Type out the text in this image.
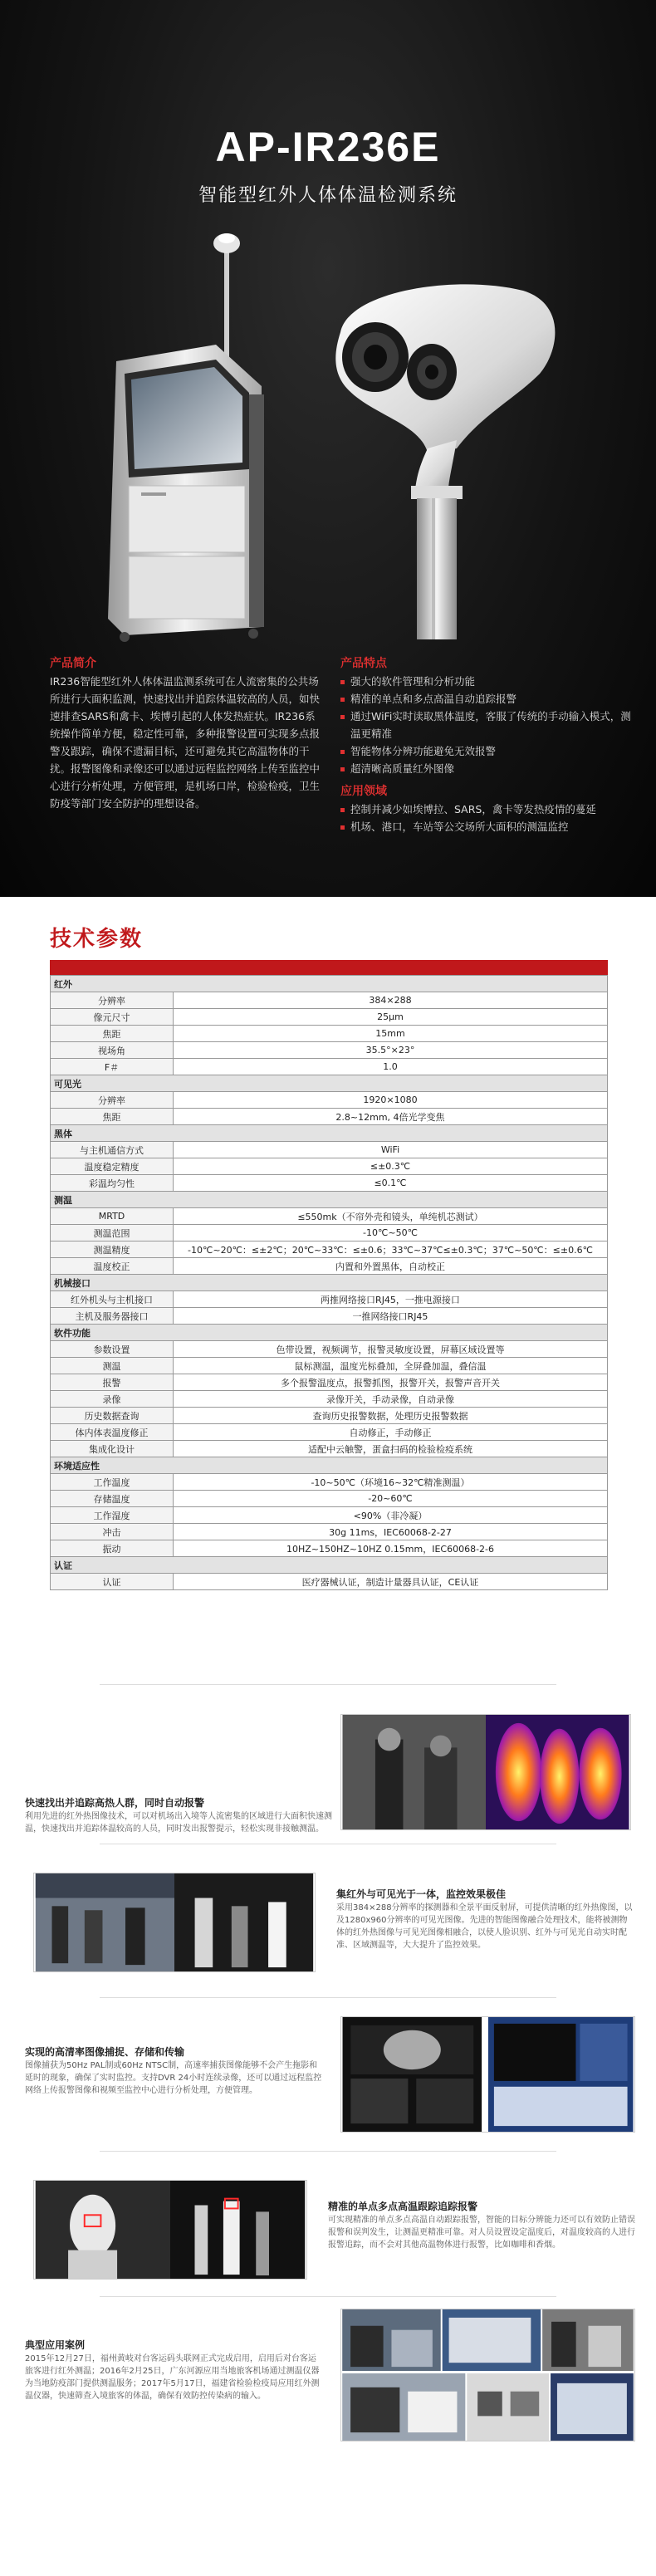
AP-IR236E
智能型红外人体体温检测系统
产品简介

IR236智能型红外人体体温监测系统可在人流密集的公共场所进行大面积监测，快速找出并追踪体温较高的人员，如快速排查SARS和禽卡、埃博引起的人体发热症状。IR236系统操作简单方便，稳定性可靠，多种报警设置可实现多点报警及跟踪，确保不遗漏目标，还可避免其它高温物体的干扰。报警图像和录像还可以通过远程监控网络上传至监控中心进行分析处理，方便管理，是机场口岸，检验检疫，卫生防疫等部门安全防护的理想设备。

产品特点
强大的软件管理和分析功能
精准的单点和多点高温自动追踪报警
通过WiFi实时读取黑体温度，客服了传统的手动输入模式，测温更精准
智能物体分辨功能避免无效报警
超清晰高质量红外图像
应用领域
控制并减少如埃博拉、SARS，禽卡等发热疫情的蔓延
机场、港口，车站等公交场所大面积的测温监控
技术参数
红外	
分辨率	384×288
像元尺寸	25μm
焦距	15mm
视场角	35.5°×23°
F＃	1.0
可见光	
分辨率	1920×1080
焦距	2.8~12mm, 4倍光学变焦
黑体	
与主机通信方式	WiFi
温度稳定精度	≤±0.3℃
彩温均匀性	≤0.1℃
测温	
MRTD	≤550mk（不帘外壳和镜头，单纯机芯测试）
测温范围	-10℃~50℃
测温精度	-10℃~20℃：≤±2℃；20℃~33℃：≤±0.6；33℃~37℃≤±0.3℃；37℃~50℃：≤±0.6℃
温度校正	内置和外置黑体，自动校正
机械接口	
红外机头与主机接口	两推网络接口RJ45，一推电源接口
主机及服务器接口	一推网络接口RJ45
软件功能	
参数设置	色带设置，视频调节，报警灵敏度设置，屏幕区域设置等
测温	鼠标测温，温度光标叠加，全屏叠加温，叠信温
报警	多个报警温度点，报警抓图，报警开关，报警声音开关
录像	录像开关，手动录像，自动录像
历史数据查询	查询历史报警数据，处理历史报警数据
体内体表温度修正	自动修正，手动修正
集成化设计	适配中云触警，蛋盒扫码的检验检疫系统
环境适应性	
工作温度	-10~50℃（环境16~32℃精准测温）
存储温度	-20~60℃
工作湿度	<90%（非冷凝）
冲击	30g 11ms，IEC60068-2-27
振动	10HZ~150HZ~10HZ 0.15mm，IEC60068-2-6
认证	
认证	医疗器械认证，制造计量器具认证，CE认证
快速找出并追踪高热人群，同时自动报警

利用先进的红外热图像技术，可以对机场出入境等人流密集的区域进行大面积快速测温，快速找出并追踪体温较高的人员，同时发出报警提示，轻松实现非接触测温。

集红外与可见光于一体，监控效果极佳

采用384×288分辨率的探测器和全景平面反射屏，可提供清晰的红外热像图，以及1280x960分辨率的可见光图像。先进的智能图像融合处理技术，能将被测物体的红外热图像与可见光图像相融合，以使人脸识别、红外与可见光自动实时配准、区域测温等，大大提升了监控效果。

实现的高清率图像捕捉、存储和传输

图像捕获为50Hz PAL制或60Hz NTSC制，高速率捕获图像能够不会产生拖影和延时的现象，确保了实时监控。支持DVR 24小时连续录像，还可以通过远程监控网络上传报警图像和视频至监控中心进行分析处理，方便管理。

精准的单点多点高温跟踪追踪报警

可实现精准的单点多点高温自动跟踪报警，智能的目标分辨能力还可以有效防止错误报警和误判发生，让测温更精准可靠。对人员设置设定温度后，对温度较高的人进行报警追踪，而不会对其他高温物体进行报警，比如咖啡和香烟。

典型应用案例

2015年12月27日，福州黄岐对台客运码头联网正式完成启用，启用后对台客运旅客进行红外测温；2016年2月25日，广东河源应用当地旅客机场通过测温仪器为当地防疫部门提供测温服务；2017年5月17日，福建省检验检疫局应用红外测温仪器，快速筛查入境旅客的体温，确保有效防控传染病的输入。
